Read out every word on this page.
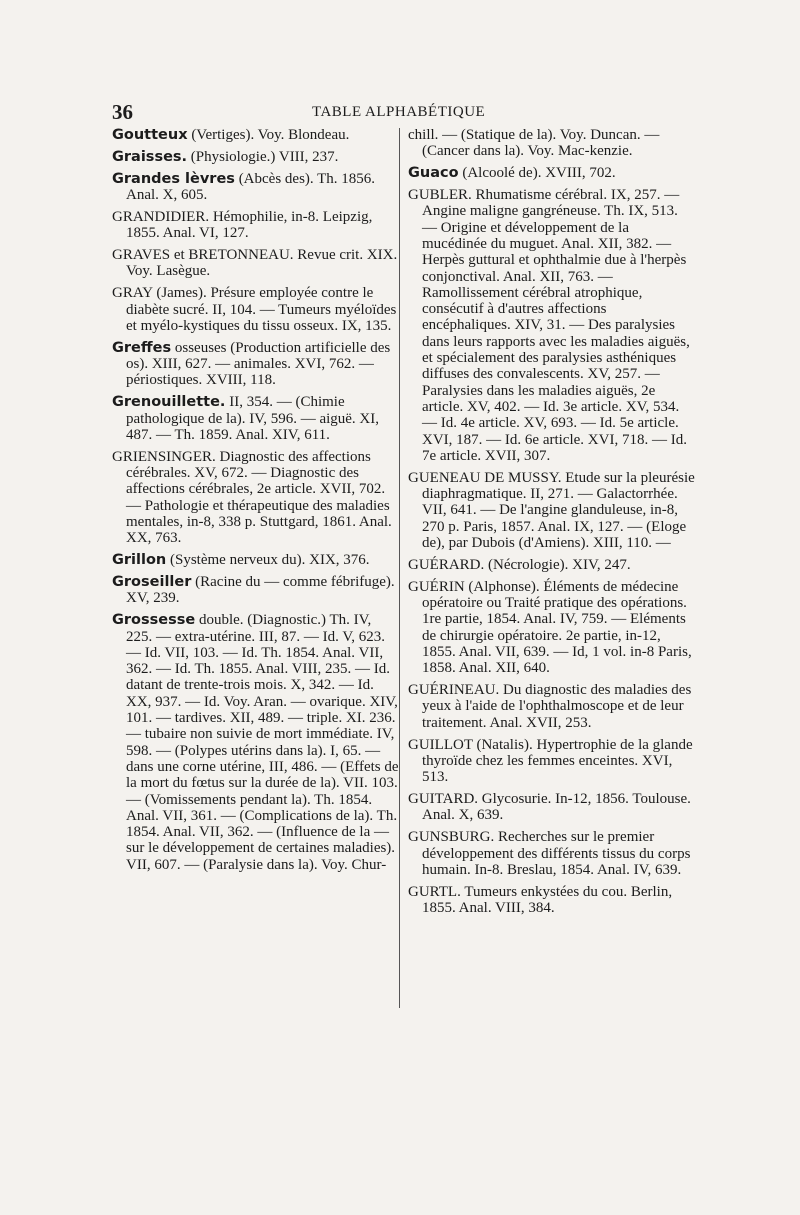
36	TABLE ALPHABÉTIQUE

Goutteux (Vertiges). Voy. Blondeau.

Graisses. (Physiologie.) VIII, 237.

Grandes lèvres (Abcès des). Th. 1856. Anal. X, 605.

GRANDIDIER. Hémophilie, in-8. Leipzig, 1855. Anal. VI, 127.

GRAVES et BRETONNEAU. Revue crit. XIX. Voy. Lasègue.

GRAY (James). Présure employée contre le diabète sucré. II, 104. — Tumeurs myéloïdes et myélo-kystiques du tissu osseux. IX, 135.

Greffes osseuses (Production artificielle des os). XIII, 627. — animales. XVI, 762. — périostiques. XVIII, 118.

Grenouillette. II, 354. — (Chimie pathologique de la). IV, 596. — aiguë. XI, 487. — Th. 1859. Anal. XIV, 611.

GRIENSINGER. Diagnostic des affections cérébrales. XV, 672. — Diagnostic des affections cérébrales, 2e article. XVII, 702. — Pathologie et thérapeutique des maladies mentales, in-8, 338 p. Stuttgard, 1861. Anal. XX, 763.

Grillon (Système nerveux du). XIX, 376.

Groseiller (Racine du — comme fébrifuge). XV, 239.

Grossesse double. (Diagnostic.) Th. IV, 225. — extra-utérine. III, 87. — Id. V, 623. — Id. VII, 103. — Id. Th. 1854. Anal. VII, 362. — Id. Th. 1855. Anal. VIII, 235. — Id. datant de trente-trois mois. X, 342. — Id. XX, 937. — Id. Voy. Aran. — ovarique. XIV, 101. — tardives. XII, 489. — triple. XI. 236. — tubaire non suivie de mort immédiate. IV, 598. — (Polypes utérins dans la). I, 65. — dans une corne utérine, III, 486. — (Effets de la mort du fœtus sur la durée de la). VII. 103. — (Vomissements pendant la). Th. 1854. Anal. VII, 361. — (Complications de la). Th. 1854. Anal. VII, 362. — (Influence de la — sur le développement de certaines maladies). VII, 607. — (Paralysie dans la). Voy. Chur-

chill. — (Statique de la). Voy. Duncan. — (Cancer dans la). Voy. Mac-kenzie.

Guaco (Alcoolé de). XVIII, 702.

GUBLER. Rhumatisme cérébral. IX, 257. — Angine maligne gangréneuse. Th. IX, 513. — Origine et développement de la mucédinée du muguet. Anal. XII, 382. — Herpès guttural et ophthalmie due à l'herpès conjonctival. Anal. XII, 763. — Ramollissement cérébral atrophique, consécutif à d'autres affections encéphaliques. XIV, 31. — Des paralysies dans leurs rapports avec les maladies aiguës, et spécialement des paralysies asthéniques diffuses des convalescents. XV, 257. — Paralysies dans les maladies aiguës, 2e article. XV, 402. — Id. 3e article. XV, 534. — Id. 4e article. XV, 693. — Id. 5e article. XVI, 187. — Id. 6e article. XVI, 718. — Id. 7e article. XVII, 307.

GUENEAU DE MUSSY. Etude sur la pleurésie diaphragmatique. II, 271. — Galactorrhée. VII, 641. — De l'angine glanduleuse, in-8, 270 p. Paris, 1857. Anal. IX, 127. — (Eloge de), par Dubois (d'Amiens). XIII, 110. —

GUÉRARD. (Nécrologie). XIV, 247.

GUÉRIN (Alphonse). Éléments de médecine opératoire ou Traité pratique des opérations. 1re partie, 1854. Anal. IV, 759. — Eléments de chirurgie opératoire. 2e partie, in-12, 1855. Anal. VII, 639. — Id, 1 vol. in-8 Paris, 1858. Anal. XII, 640.

GUÉRINEAU. Du diagnostic des maladies des yeux à l'aide de l'ophthalmoscope et de leur traitement. Anal. XVII, 253.

GUILLOT (Natalis). Hypertrophie de la glande thyroïde chez les femmes enceintes. XVI, 513.

GUITARD. Glycosurie. In-12, 1856. Toulouse. Anal. X, 639.

GUNSBURG. Recherches sur le premier développement des différents tissus du corps humain. In-8. Breslau, 1854. Anal. IV, 639.

GURTL. Tumeurs enkystées du cou. Berlin, 1855. Anal. VIII, 384.
